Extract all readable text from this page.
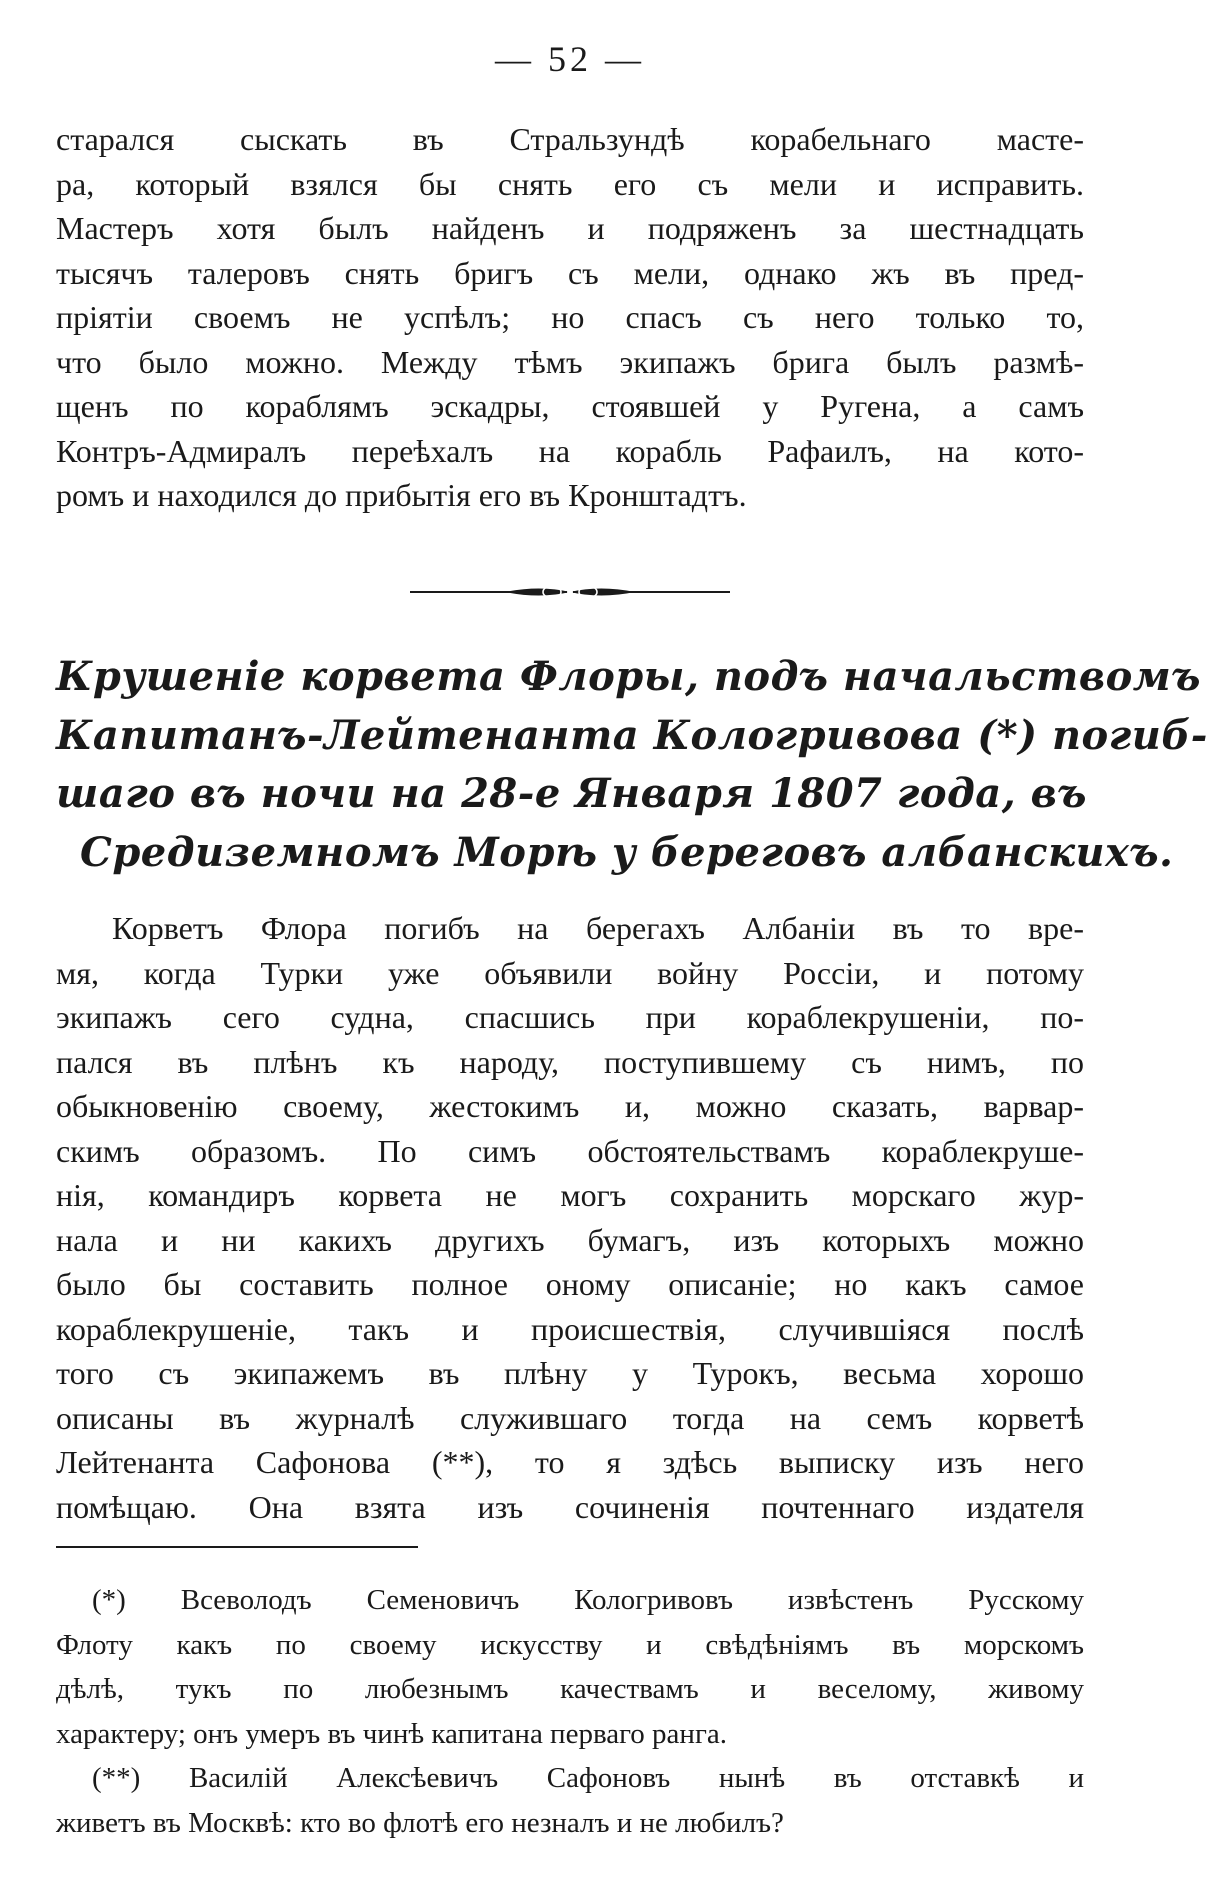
— 52 —
старался сыскать въ Стральзундѣ корабельнаго масте-
ра, который взялся бы снять его съ мели и исправить.
Мастеръ хотя былъ найденъ и подряженъ за шестнадцать
тысячъ талеровъ снять бригъ съ мели, однако жъ въ пред-
пріятіи своемъ не успѣлъ; но спасъ съ него только то,
что было можно. Между тѣмъ экипажъ брига былъ размѣ-
щенъ по кораблямъ эскадры, стоявшей у Ругена, а самъ
Контръ-Адмиралъ переѣхалъ на корабль Рафаилъ, на кото-
ромъ и находился до прибытія его въ Кронштадтъ.
Крушеніе корвета Флоры, подъ начальствомъ
Капитанъ-Лейтенанта Кологривова (*) погиб-
шаго въ ночи на 28-е Января 1807 года, въ
Средиземномъ Морѣ у береговъ албанскихъ.
Корветъ Флора погибъ на берегахъ Албаніи въ то вре-
мя, когда Турки уже объявили войну Россіи, и потому
экипажъ сего судна, спасшись при кораблекрушеніи, по-
пался въ плѣнъ къ народу, поступившему съ нимъ, по
обыкновенію своему, жестокимъ и, можно сказать, варвар-
скимъ образомъ. По симъ обстоятельствамъ кораблекруше-
нія, командиръ корвета не могъ сохранить морскаго жур-
нала и ни какихъ другихъ бумагъ, изъ которыхъ можно
было бы составить полное оному описаніе; но какъ самое
кораблекрушеніе, такъ и происшествія, случившіяся послѣ
того съ экипажемъ въ плѣну у Турокъ, весьма хорошо
описаны въ журналѣ служившаго тогда на семъ корветѣ
Лейтенанта Сафонова (**), то я здѣсь выписку изъ него
помѣщаю. Она взята изъ сочиненія почтеннаго издателя
(*) Всеволодъ Семеновичъ Кологривовъ извѣстенъ Русскому
Флоту какъ по своему искусству и свѣдѣніямъ въ морскомъ
дѣлѣ, тукъ по любезнымъ качествамъ и веселому, живому
характеру; онъ умеръ въ чинѣ капитана перваго ранга.
(**) Василій Алексѣевичъ Сафоновъ нынѣ въ отставкѣ и
живетъ въ Москвѣ: кто во флотѣ его незналъ и не любилъ?
